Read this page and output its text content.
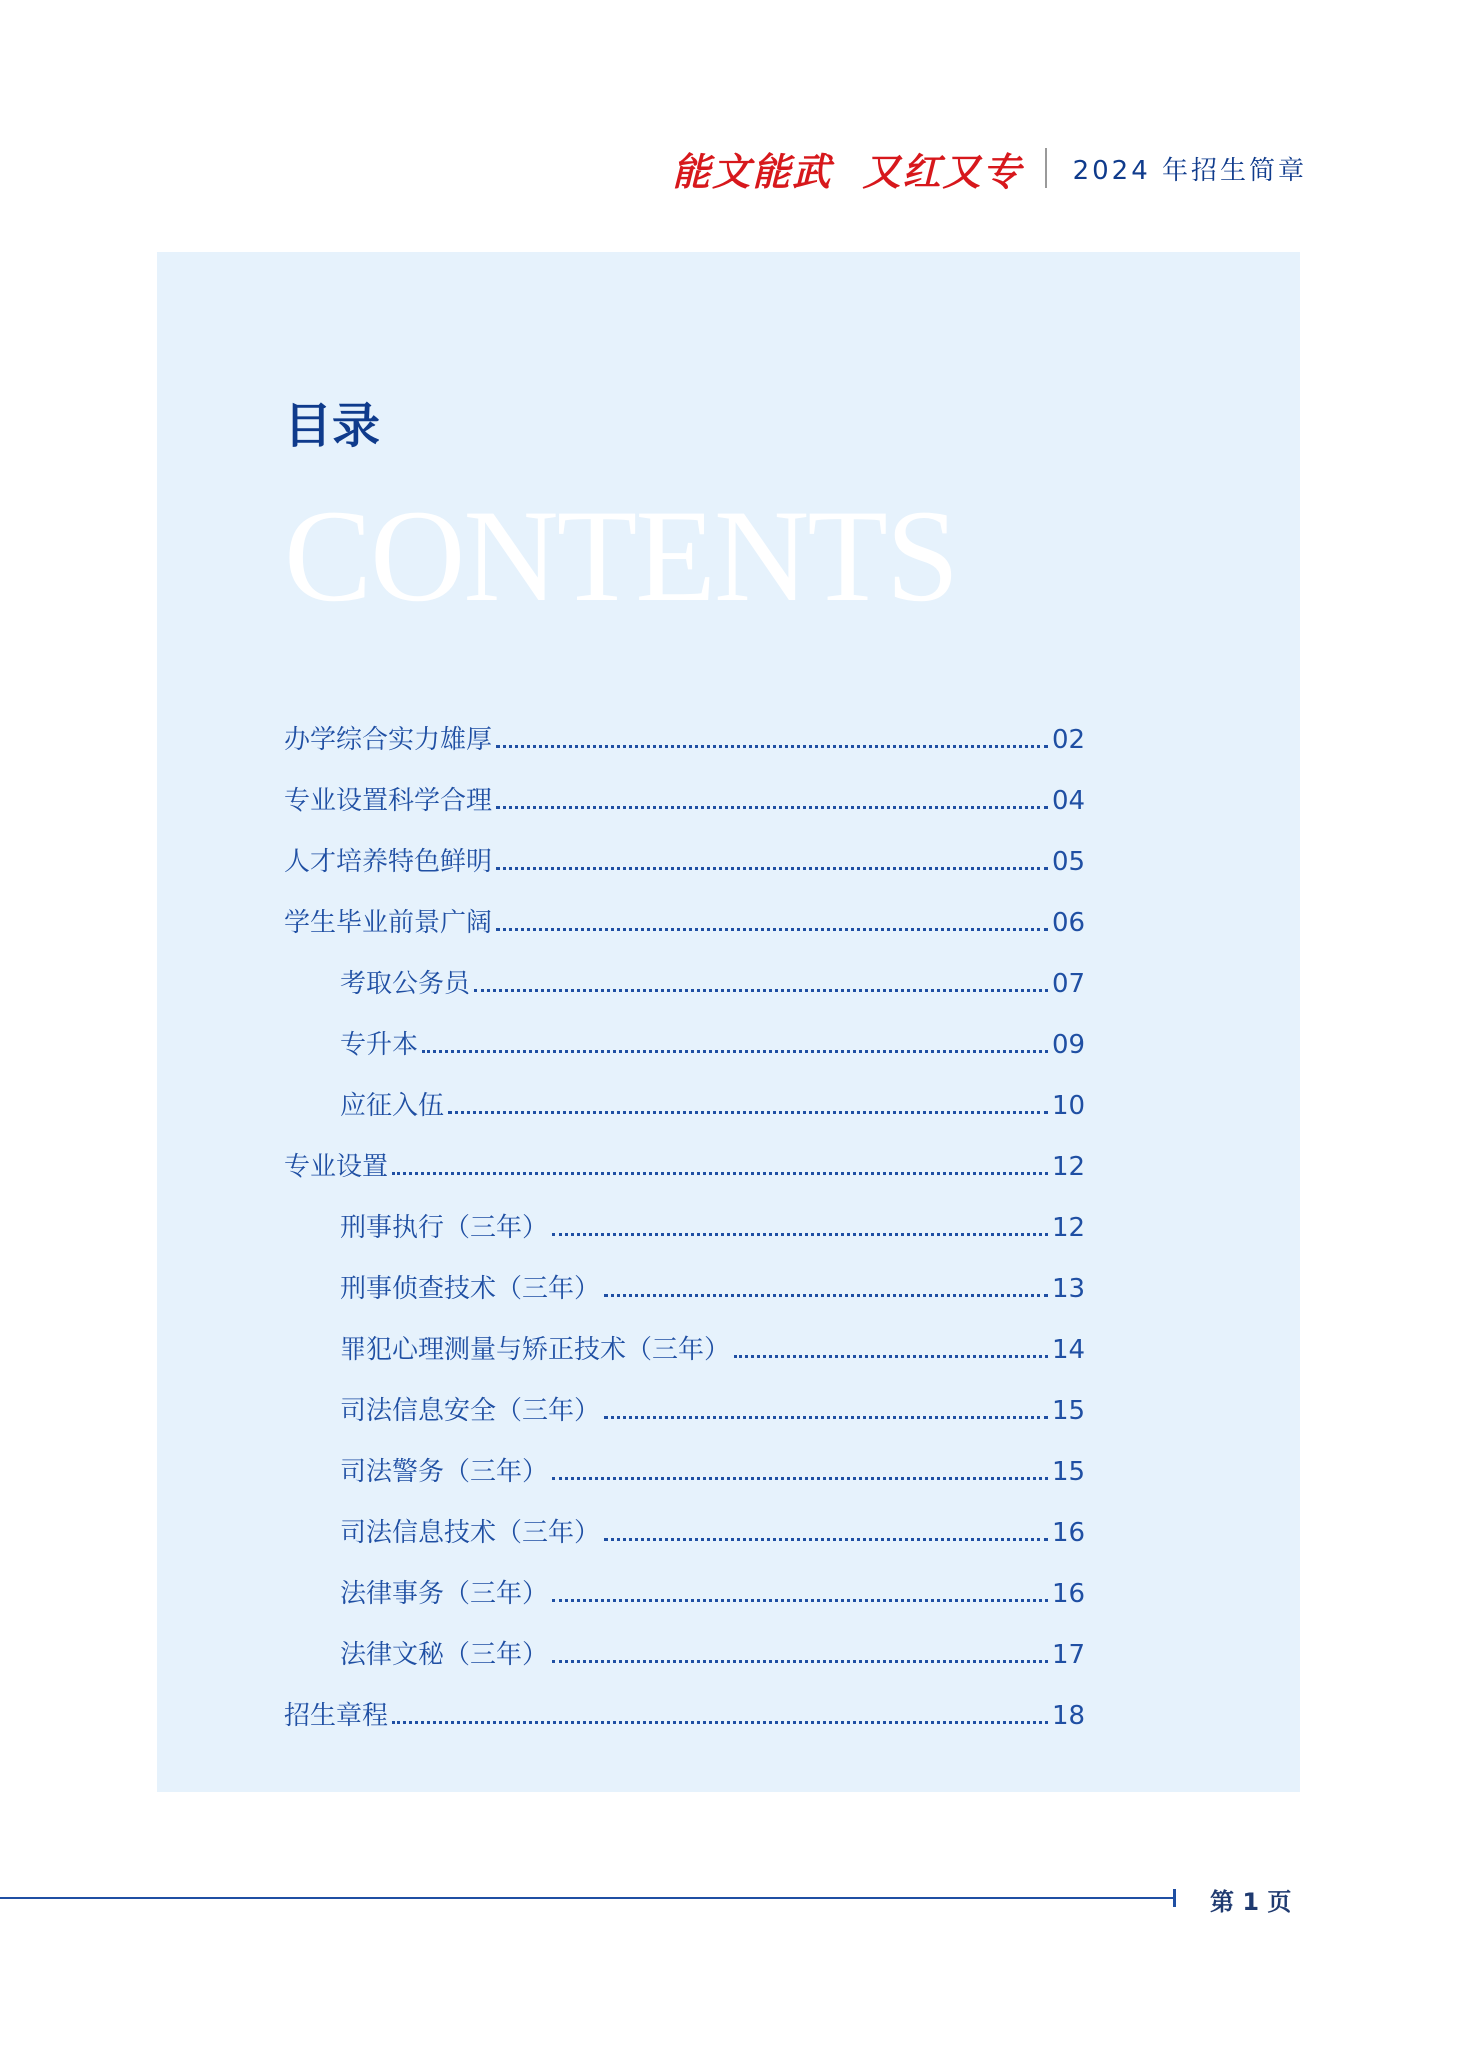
能文能武  又红又专 2024 年招生简章
目录
CONTENTS
办学综合实力雄厚	02
专业设置科学合理	04
人才培养特色鲜明	05
学生毕业前景广阔	06
考取公务员	07
专升本	09
应征入伍	10
专业设置	12
刑事执行（三年）	12
刑事侦查技术（三年）	13
罪犯心理测量与矫正技术（三年）	14
司法信息安全（三年）	15
司法警务（三年）	15
司法信息技术（三年）	16
法律事务（三年）	16
法律文秘（三年）	17
招生章程	18
第 1 页
